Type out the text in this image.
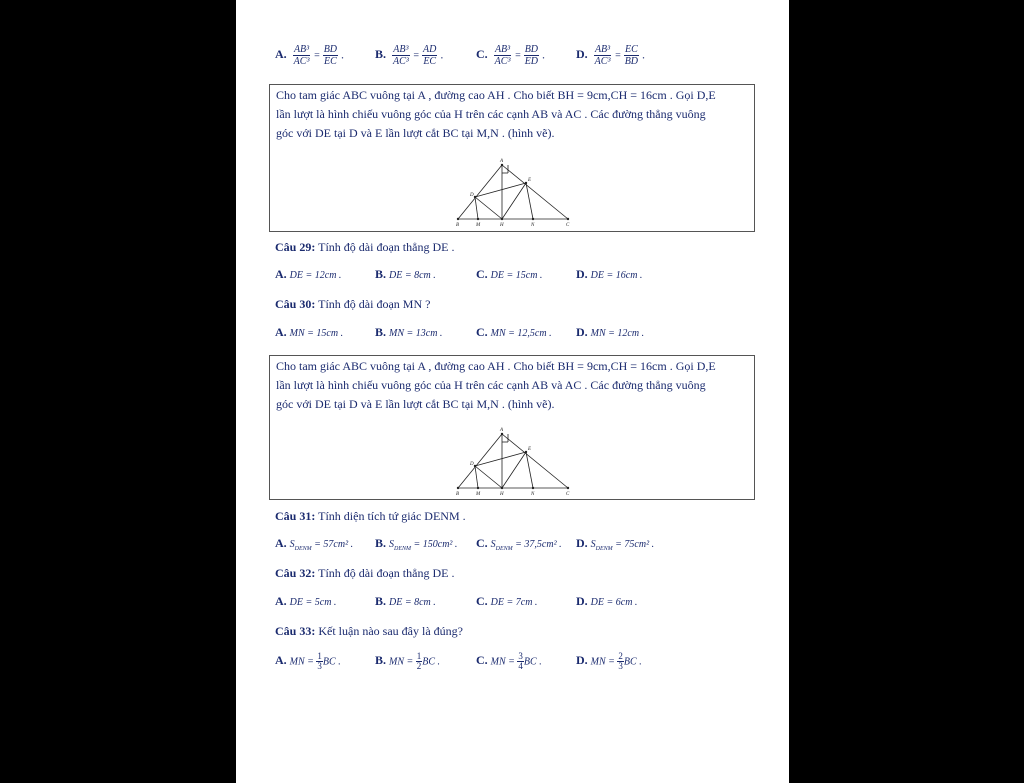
A. $\frac{\text{AB³}}{\text{AC³}} = \frac{BD}{EC}$ .	B. $\frac{\text{AB³}}{\text{AC³}} = \frac{AD}{EC}$ .	C. $\frac{\text{AB³}}{\text{AC³}} = \frac{BD}{ED}$ .	D. $\frac{\text{AB³}}{\text{AC³}} = \frac{EC}{BD}$ .

Cho tam giác ABC vuông tại A , đường cao AH . Cho biết BH = 9cm,CH = 16cm . Gọi D,E

lần lượt là hình chiếu vuông góc của H trên các cạnh AB và AC . Các đường thẳng vuông

góc với DE tại D và E lần lượt cắt BC tại M,N . (hình vẽ).

A
B	C
D
E
H
M	N
Câu 29: Tính độ dài đoạn thẳng DE .
A. DE = 12cm .	B. DE = 8cm .	C. DE = 15cm .	D. DE = 16cm .
Câu 30: Tính độ dài đoạn MN ?
A. MN = 15cm .	B. MN = 13cm .	C. MN = 12,5cm . D. MN = 12cm .

Cho tam giác ABC vuông tại A , đường cao AH . Cho biết BH = 9cm,CH = 16cm . Gọi D,E

lần lượt là hình chiếu vuông góc của H trên các cạnh AB và AC . Các đường thẳng vuông

góc với DE tại D và E lần lượt cắt BC tại M,N . (hình vẽ).

A
B	C
D
E
H
M	N
Câu 31: Tính diện tích tứ giác DENM .
A. $S_{DENM} = 57cm^2$ . B. $S_{DENM} = 150cm^2$ . C. $S_{DENM} = 37,5cm^2$ . D. $S_{DENM} = 75cm^2$ .
Câu 32: Tính độ dài đoạn thẳng DE .
A. DE = 5cm .	B. DE = 8cm .	C. DE = 7cm .	D. DE = 6cm .
Câu 33: Kết luận nào sau đây là đúng?
A. MN = $\frac{1}{3}$ BC .	B. MN = $\frac{1}{2}$ BC .	C. MN = $\frac{3}{4}$ BC .	D. MN = $\frac{2}{3}$ BC .
